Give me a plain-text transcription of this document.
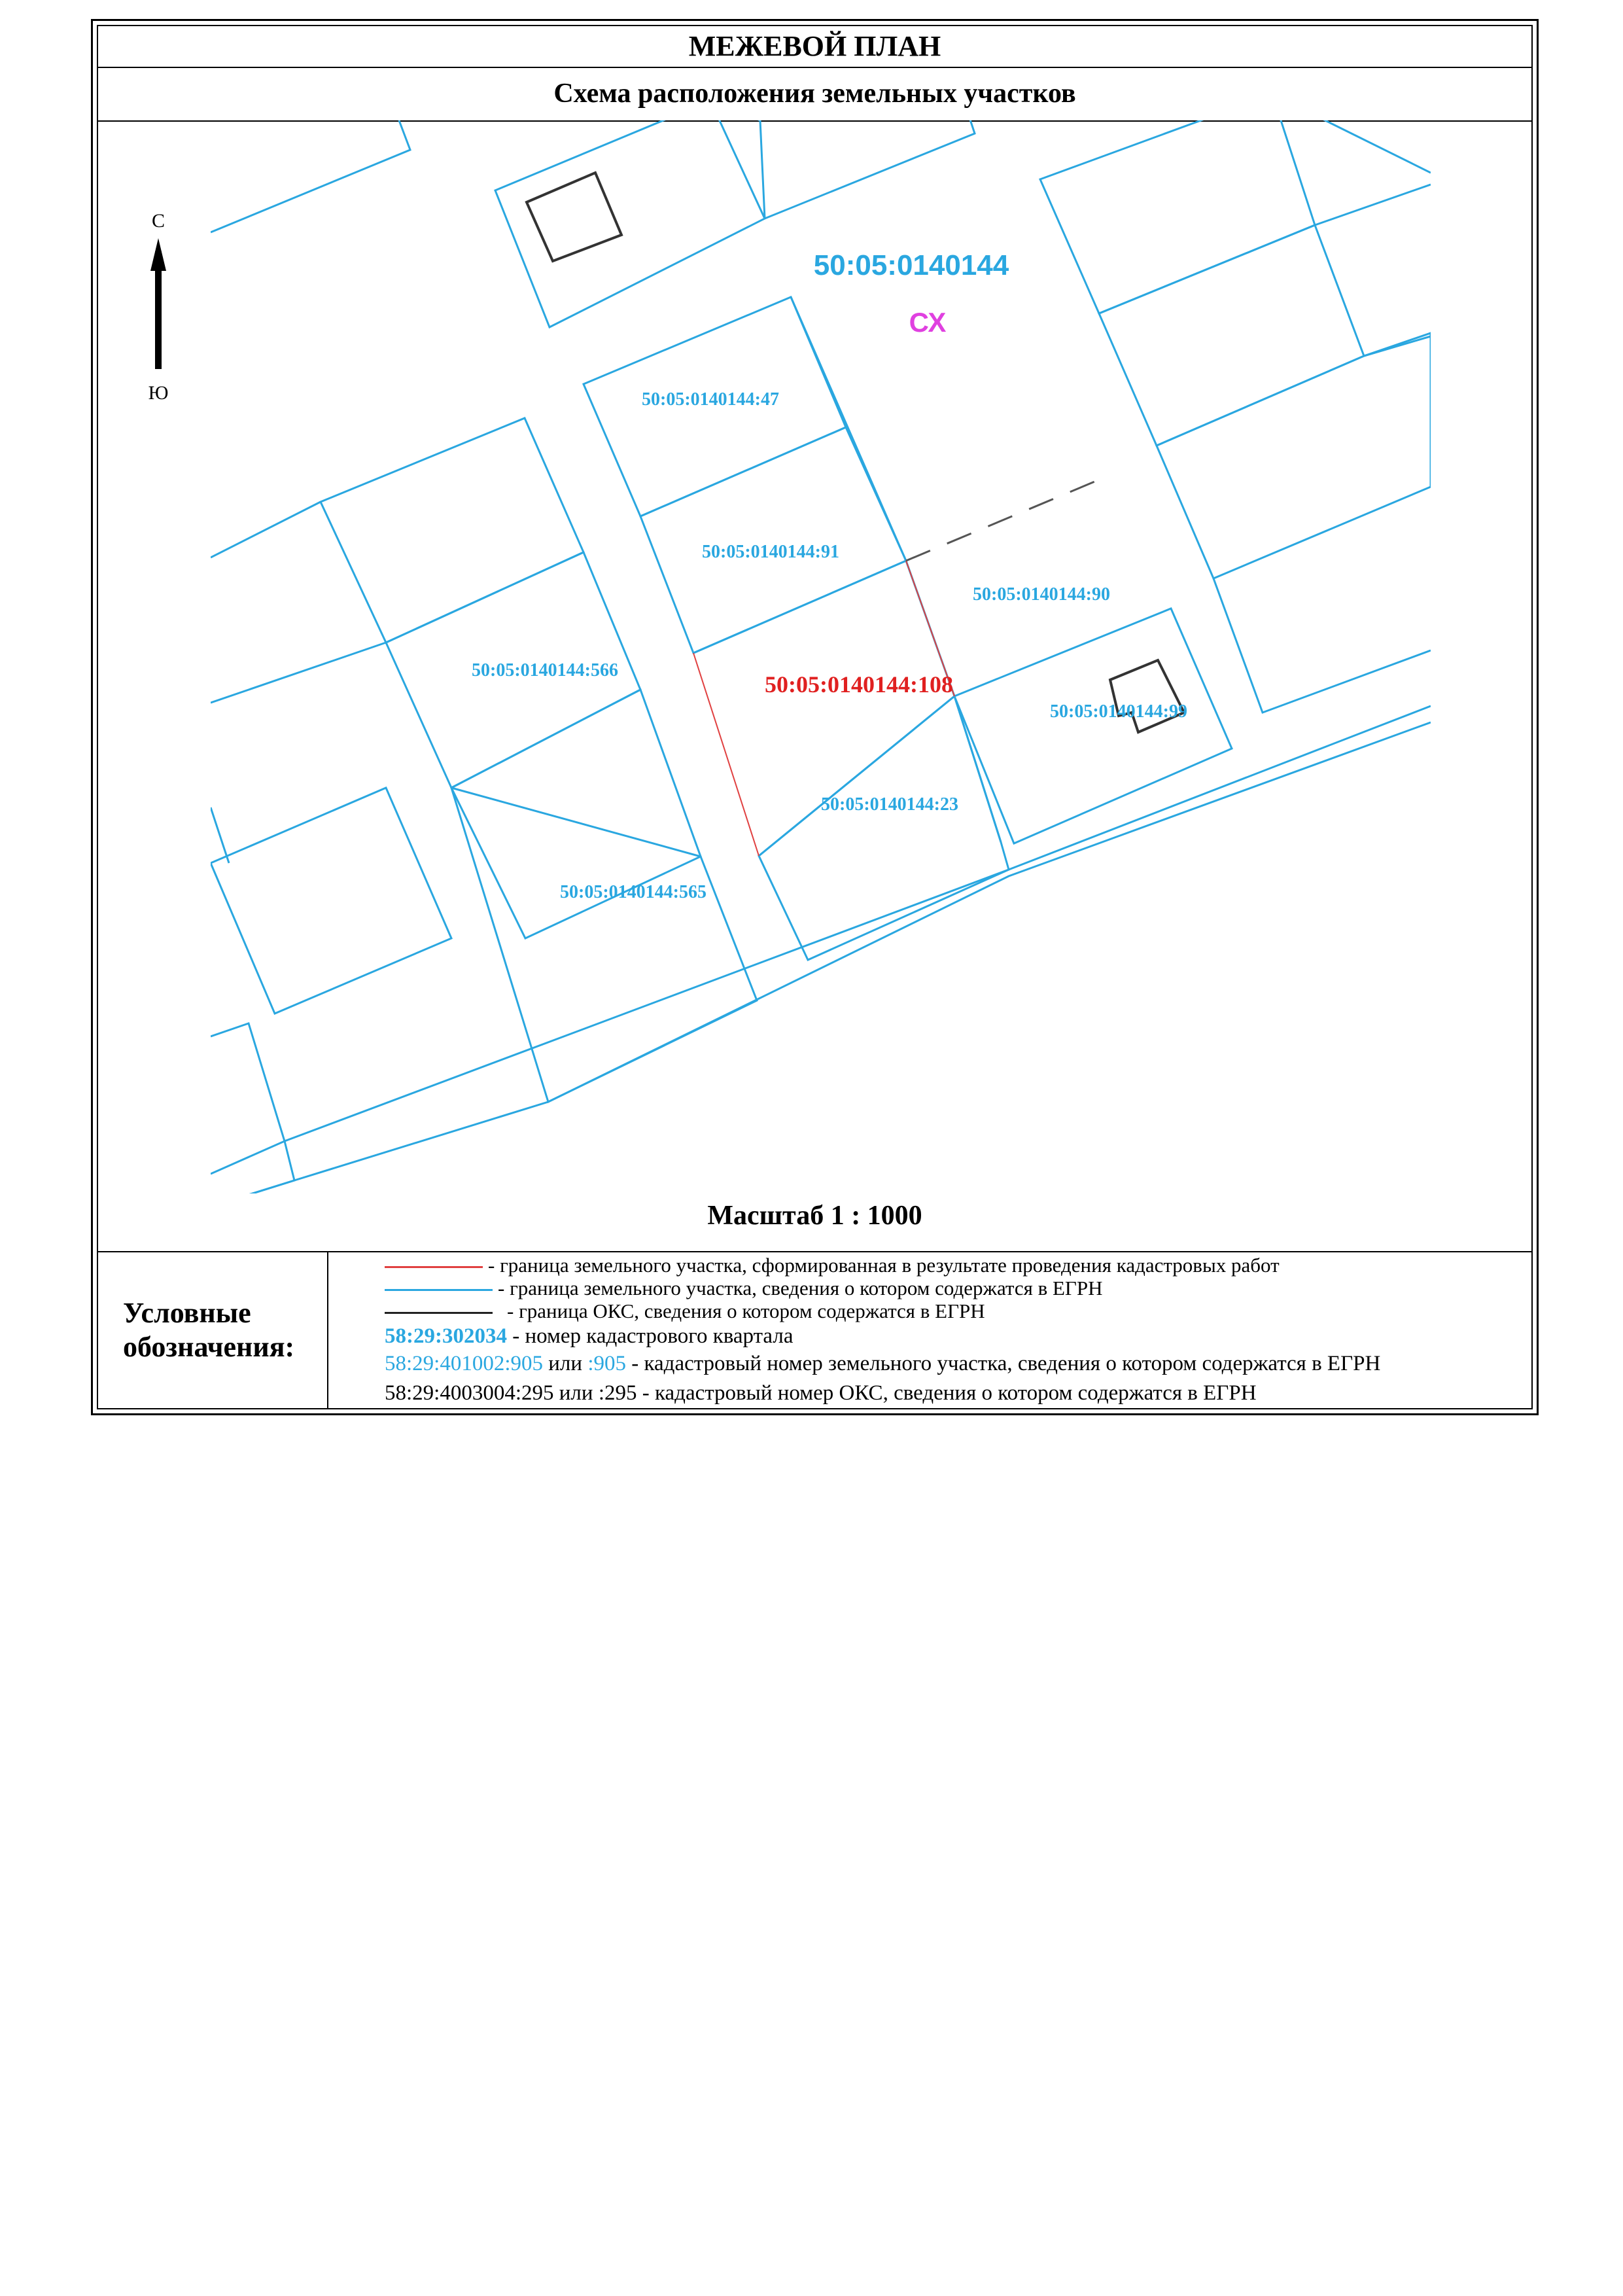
МЕЖЕВОЙ ПЛАН
Схема расположения земельных участков
С
Ю
50:05:0140144
СХ
50:05:0140144:47
50:05:0140144:91
50:05:0140144:90
50:05:0140144:108
50:05:0140144:99
50:05:0140144:566
50:05:0140144:23
50:05:0140144:565
Масштаб 1 : 1000
Условные
обозначения:
- граница земельного участка, сформированная в результате проведения кадастровых работ
- граница земельного участка, сведения о котором содержатся в ЕГРН
- граница ОКС, сведения о котором содержатся в ЕГРН
58:29:302034 - номер кадастрового квартала
58:29:401002:905 или :905 - кадастровый номер земельного участка, сведения о котором содержатся в ЕГРН
58:29:4003004:295 или :295 - кадастровый номер ОКС, сведения о котором содержатся в ЕГРН
